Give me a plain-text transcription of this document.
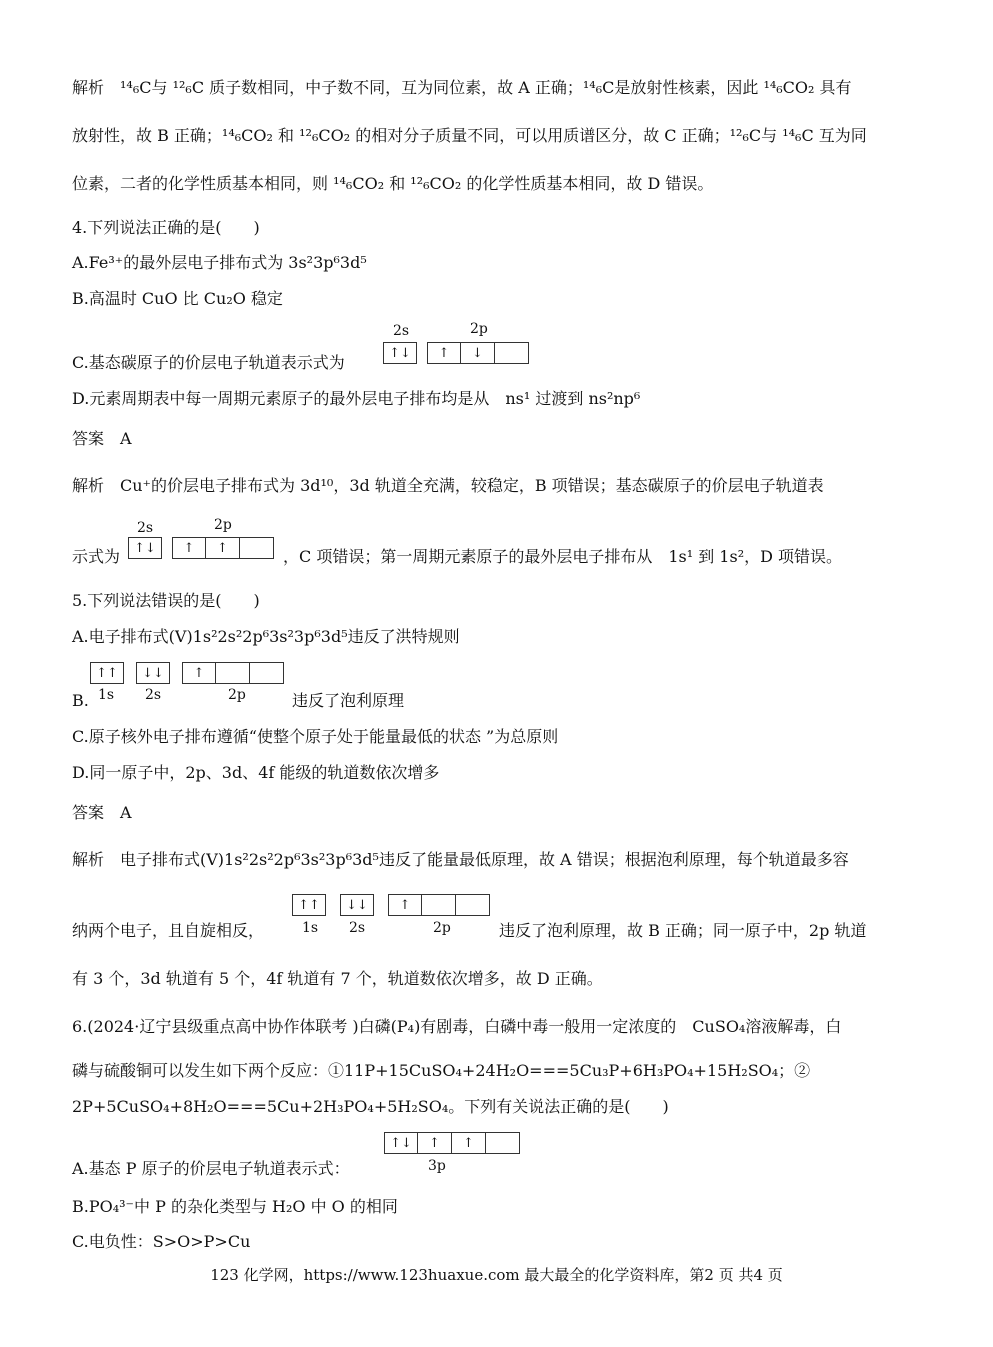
解析　¹⁴₆C与 ¹²₆C 质子数相同，中子数不同，互为同位素，故 A 正确；¹⁴₆C是放射性核素，因此 ¹⁴₆CO₂ 具有
放射性，故 B 正确；¹⁴₆CO₂ 和 ¹²₆CO₂ 的相对分子质量不同，可以用质谱区分，故 C 正确；¹²₆C与 ¹⁴₆C 互为同
位素，二者的化学性质基本相同，则 ¹⁴₆CO₂ 和 ¹²₆CO₂ 的化学性质基本相同，故 D 错误。
4.下列说法正确的是(　　)
A.Fe³⁺的最外层电子排布式为 3s²3p⁶3d⁵
B.高温时 CuO 比 Cu₂O 稳定
C.基态碳原子的价层电子轨道表示式为
2s	2p
↑↓	↑	↓
D.元素周期表中每一周期元素原子的最外层电子排布均是从　ns¹ 过渡到 ns²np⁶
答案　A
解析　Cu⁺的价层电子排布式为 3d¹⁰，3d 轨道全充满，较稳定，B 项错误；基态碳原子的价层电子轨道表
示式为
2s	2p
↑↓	↑	↑	，C 项错误；第一周期元素原子的最外层电子排布从　1s¹ 到 1s²，D 项错误。
5.下列说法错误的是(　　)
A.电子排布式(V)1s²2s²2p⁶3s²3p⁶3d⁵违反了洪特规则
B.
↑↑	↓↓	↑
1s 2s	2p	违反了泡利原理
C.原子核外电子排布遵循“使整个原子处于能量最低的状态 ”为总原则
D.同一原子中，2p、3d、4f 能级的轨道数依次增多
答案　A
解析　电子排布式(V)1s²2s²2p⁶3s²3p⁶3d⁵违反了能量最低原理，故 A 错误；根据泡利原理，每个轨道最多容
纳两个电子，且自旋相反，
↑↑	↓↓	↑
1s 2s	2p	违反了泡利原理，故 B 正确；同一原子中，2p 轨道
有 3 个，3d 轨道有 5 个，4f 轨道有 7 个，轨道数依次增多，故 D 正确。
6.(2024·辽宁县级重点高中协作体联考 )白磷(P₄)有剧毒，白磷中毒一般用一定浓度的　CuSO₄溶液解毒，白
磷与硫酸铜可以发生如下两个反应：①11P+15CuSO₄+24H₂O===5Cu₃P+6H₃PO₄+15H₂SO₄；②
2P+5CuSO₄+8H₂O===5Cu+2H₃PO₄+5H₂SO₄。下列有关说法正确的是(　　)
A.基态 P 原子的价层电子轨道表示式：
↑↓	↑	↑
3p
B.PO₄³⁻中 P 的杂化类型与 H₂O 中 O 的相同
C.电负性：S>O>P>Cu
123 化学网，https://www.123huaxue.com 最大最全的化学资料库，第2 页 共4 页
